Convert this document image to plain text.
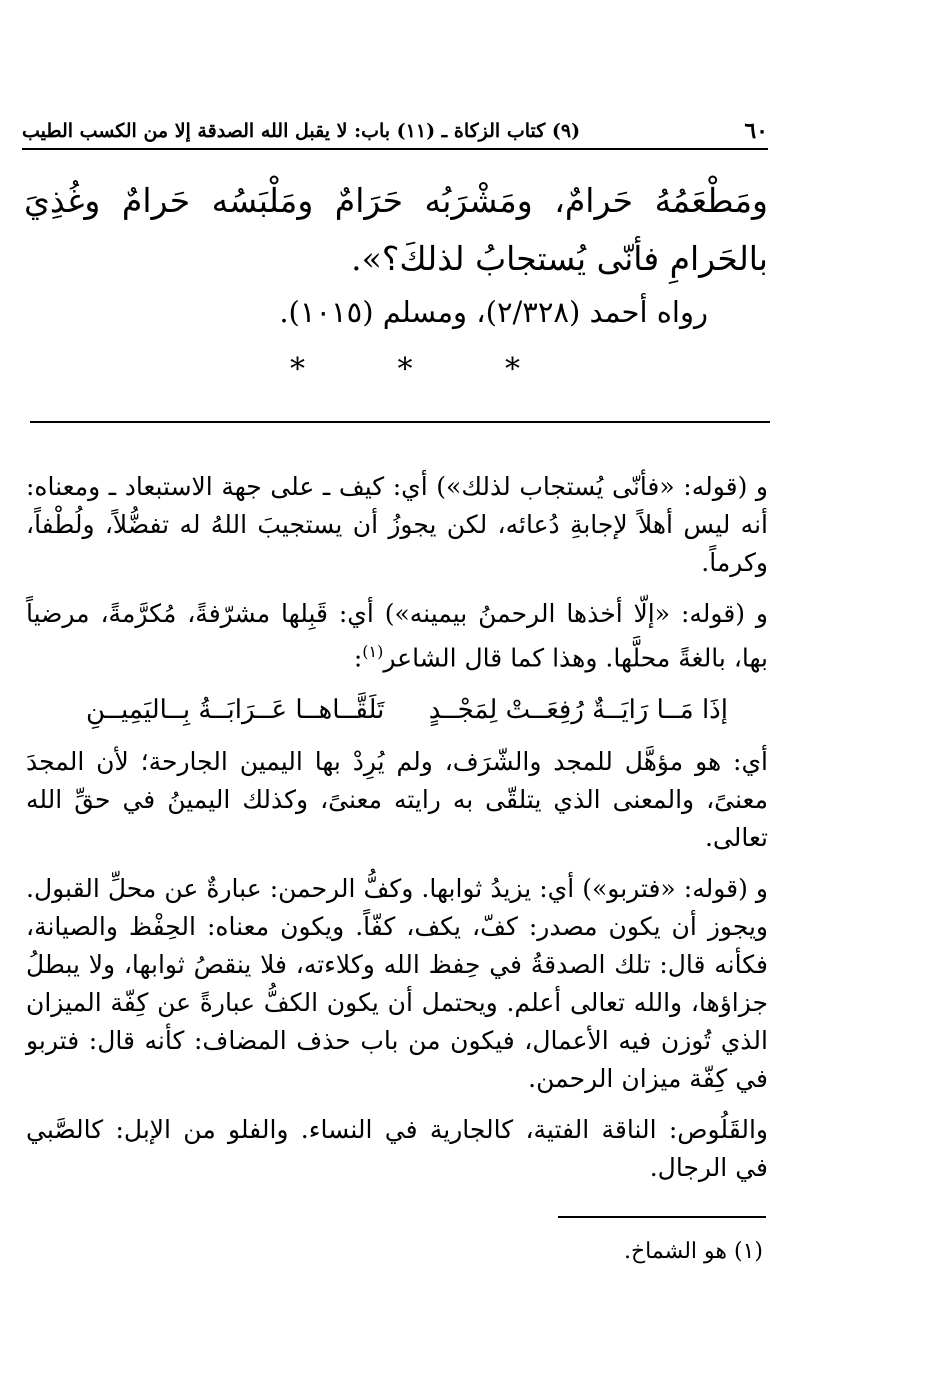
٦٠
(٩) كتاب الزكاة ـ (١١) باب: لا يقبل الله الصدقة إلا من الكسب الطيب
ومَطْعَمُهُ حَرامٌ، ومَشْرَبُه حَرَامٌ ومَلْبَسُه حَرامٌ وغُذِيَ بالحَرامِ فأنّى يُستجابُ لذلكَ؟».
رواه أحمد (٢/٣٢٨)، ومسلم (١٠١٥).
*	*	*

و (قوله: «فأنّى يُستجاب لذلك») أي: كيف ـ على جهة الاستبعاد ـ ومعناه: أنه ليس أهلاً لإجابةِ دُعائه، لكن يجوزُ أن يستجيبَ اللهُ له تفضُّلاً، ولُطْفاً، وكرماً.

و (قوله: «إلّا أخذها الرحمنُ بيمينه») أي: قَبِلها مشرّفةً، مُكرَّمةً، مرضياً بها، بالغةً محلَّها. وهذا كما قال الشاعر$^{(١)}$:

إذَا مَــا رَايَــةٌ رُفِعَــتْ لِمَجْــدٍ
تَلَقَّــاهــا عَــرَابَــةُ بِــاليَمِيــنِ

أي: هو مؤهَّل للمجد والشّرَف، ولم يُرِدْ بها اليمين الجارحة؛ لأن المجدَ معنىً، والمعنى الذي يتلقّى به رايته معنىً، وكذلك اليمينُ في حقِّ الله تعالى.

و (قوله: «فتربو») أي: يزيدُ ثوابها. وكفُّ الرحمن: عبارةٌ عن محلِّ القبول. ويجوز أن يكون مصدر: كفّ، يكف، كفّاً. ويكون معناه: الحِفْظ والصيانة، فكأنه قال: تلك الصدقةُ في حِفظ الله وكلاءته، فلا ينقصُ ثوابها، ولا يبطلُ جزاؤها، والله تعالى أعلم. ويحتمل أن يكون الكفُّ عبارةً عن كِفّة الميزان الذي تُوزن فيه الأعمال، فيكون من باب حذف المضاف: كأنه قال: فتربو في كِفّة ميزان الرحمن.

والقَلُوص: الناقة الفتية، كالجارية في النساء. والفلو من الإبل: كالصَّبي في الرجال.

(١) هو الشماخ.
